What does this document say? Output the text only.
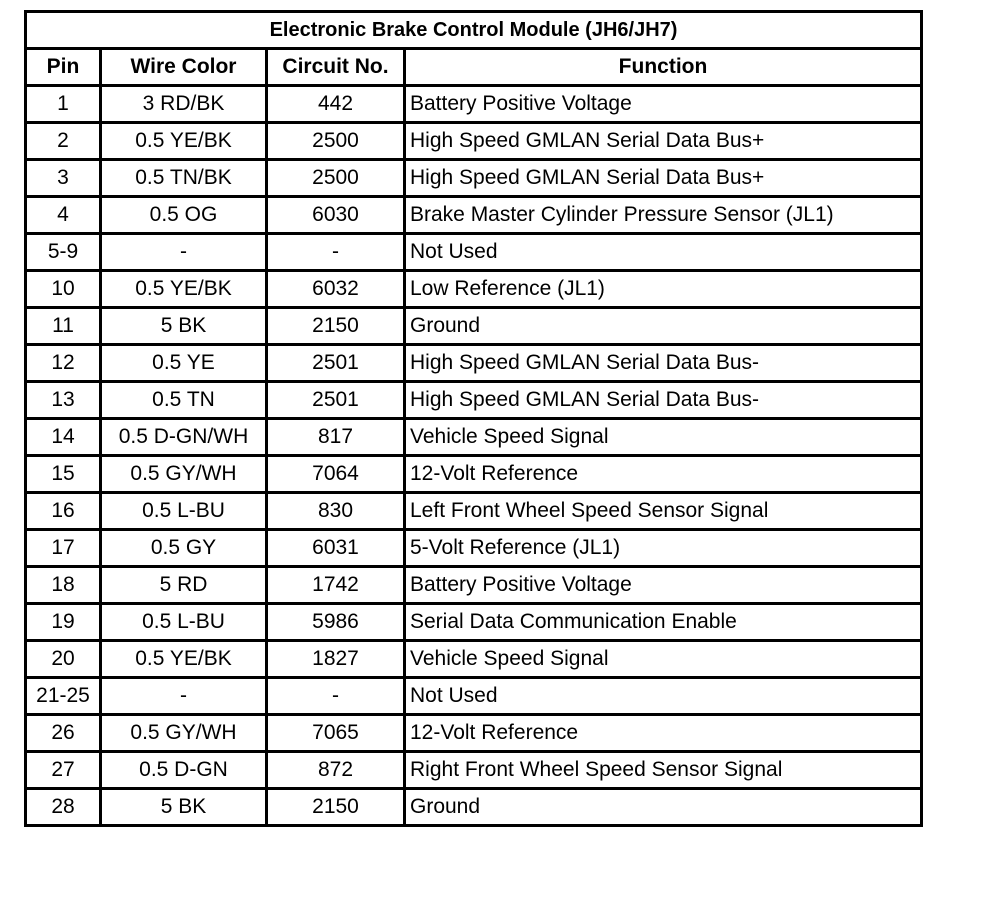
Electronic Brake Control Module (JH6/JH7)			
Pin	Wire Color	Circuit No.	Function
1	3 RD/BK	442	Battery Positive Voltage
2	0.5 YE/BK	2500	High Speed GMLAN Serial Data Bus+
3	0.5 TN/BK	2500	High Speed GMLAN Serial Data Bus+
4	0.5 OG	6030	Brake Master Cylinder Pressure Sensor (JL1)
5-9	-	-	Not Used
10	0.5 YE/BK	6032	Low Reference (JL1)
11	5 BK	2150	Ground
12	0.5 YE	2501	High Speed GMLAN Serial Data Bus-
13	0.5 TN	2501	High Speed GMLAN Serial Data Bus-
14	0.5 D-GN/WH	817	Vehicle Speed Signal
15	0.5 GY/WH	7064	12-Volt Reference
16	0.5 L-BU	830	Left Front Wheel Speed Sensor Signal
17	0.5 GY	6031	5-Volt Reference (JL1)
18	5 RD	1742	Battery Positive Voltage
19	0.5 L-BU	5986	Serial Data Communication Enable
20	0.5 YE/BK	1827	Vehicle Speed Signal
21-25	-	-	Not Used
26	0.5 GY/WH	7065	12-Volt Reference
27	0.5 D-GN	872	Right Front Wheel Speed Sensor Signal
28	5 BK	2150	Ground
